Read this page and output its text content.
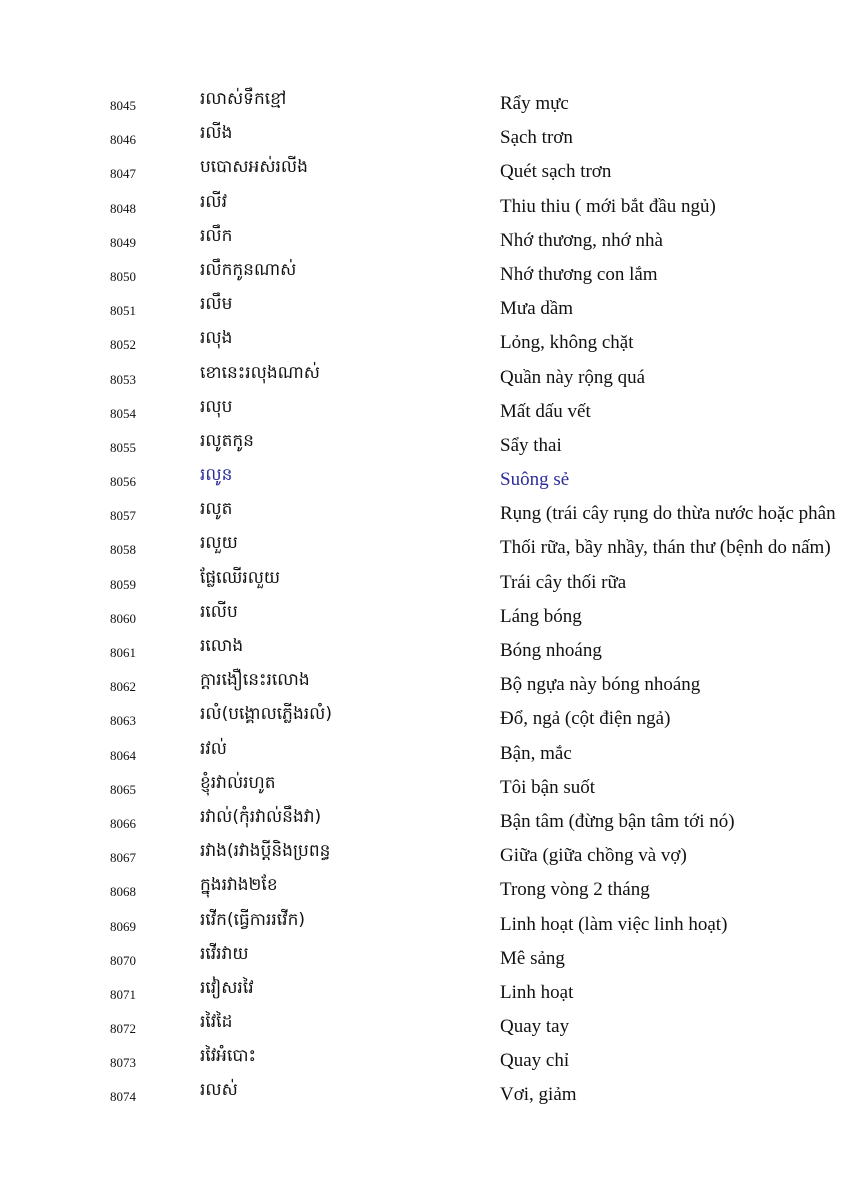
8045	រលាស់ទឹកខ្មៅ	Rẩy mực
8046	រលីង	Sạch trơn
8047	បបោសអស់រលីង	Quét sạch trơn
8048	រលីវ	Thiu thiu ( mới bắt đầu ngủ)
8049	រលឹក	Nhớ thương, nhớ nhà
8050	រលឹកកូនណាស់	Nhớ thương con lắm
8051	រលឹម	Mưa dầm
8052	រលុង	Lỏng, không chặt
8053	ខោនេះរលុងណាស់	Quần này rộng quá
8054	រលុប	Mất dấu vết
8055	រលូតកូន	Sẩy thai
8056	រលូន	Suông sẻ
8057	រលូត	Rụng (trái cây rụng do thừa nước hoặc phân
8058	រលួយ	Thối rữa, bầy nhầy, thán thư (bệnh do nấm)
8059	ផ្លែឈើរលួយ	Trái cây thối rữa
8060	រលើប	Láng bóng
8061	រលោង	Bóng nhoáng
8062	ក្តារងឿនេះរលោង	Bộ ngựa này bóng nhoáng
8063	រលំ(បង្គោលភ្លើងរលំ)	Đổ, ngả (cột điện ngả)
8064	រវល់	Bận, mắc
8065	ខ្ញុំរវាល់រហូត	Tôi bận suốt
8066	រវាល់(កុំរវាល់នឹងវា)	Bận tâm (đừng bận tâm tới nó)
8067	រវាង(រវាងប្ដីនិងប្រពន្ធ	Giữa (giữa chồng và vợ)
8068	ក្នុងរវាង២ខែ	Trong vòng 2 tháng
8069	រវើក(ធ្វើការរវើក)	Linh hoạt (làm việc linh hoạt)
8070	រវើរវាយ	Mê sảng
8071	រវៀសរវៃ	Linh hoạt
8072	រវៃដៃ	Quay tay
8073	រវៃអំបោះ	Quay chỉ
8074	រលស់	Vơi, giảm
